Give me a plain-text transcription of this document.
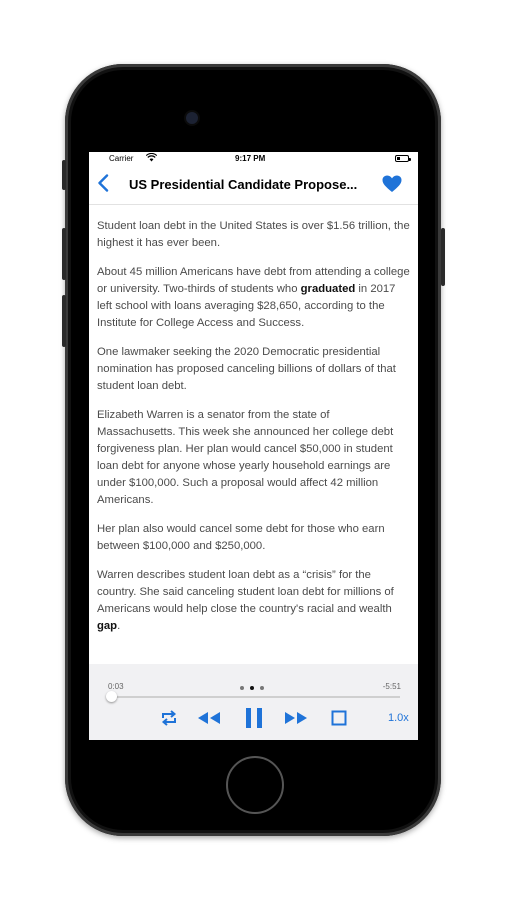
Carrier	9:17 PM
US Presidential Candidate Propose...

Student loan debt in the United States is over $1.56 trillion, the highest it has ever been.

About 45 million Americans have debt from attending a college or university. Two-thirds of students who graduated in 2017 left school with loans averaging $28,650, according to the Institute for College Access and Success.

One lawmaker seeking the 2020 Democratic presidential nomination has proposed canceling billions of dollars of that student loan debt.

Elizabeth Warren is a senator from the state of Massachusetts. This week she announced her college debt forgiveness plan. Her plan would cancel $50,000 in student loan debt for anyone whose yearly household earnings are under $100,000. Such a proposal would affect 42 million Americans.

Her plan also would cancel some debt for those who earn between $100,000 and $250,000.

Warren describes student loan debt as a “crisis” for the country. She said canceling student loan debt for millions of Americans would help close the country's racial and wealth gap.

0:03	-5:51
1.0x
